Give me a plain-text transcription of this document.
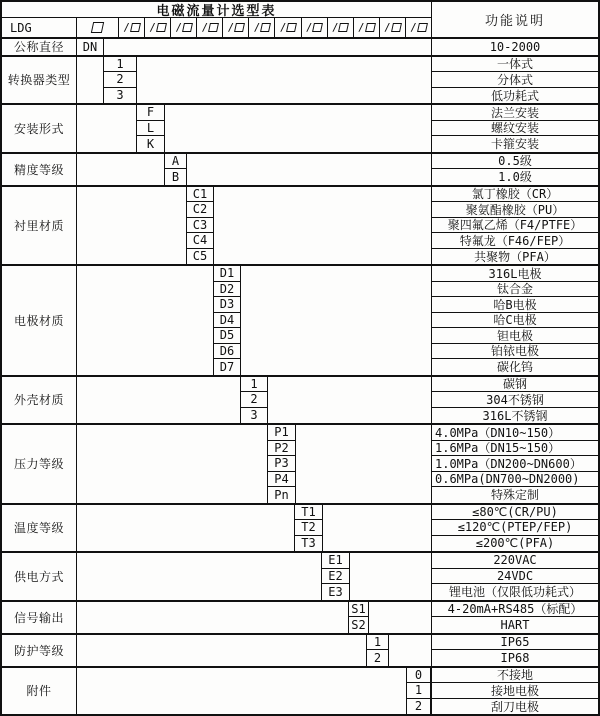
电磁流量计选型表
LDG	/ / / / / / / / / / / /	功能说明
公称直径	DN	10-2000
转换器类型
1	一体式
2	分体式
3	低功耗式
安装形式
F	法兰安装
L	螺纹安装
K	卡箍安装
精度等级
A	0.5级
B	1.0级
衬里材质
C1	氯丁橡胶（CR）
C2	聚氨酯橡胶（PU）
C3	聚四氟乙烯（F4/PTFE）
C4	特氟龙（F46/FEP）
C5	共聚物（PFA）
电极材质
D1	316L电极
D2	钛合金
D3	哈B电极
D4	哈C电极
D5	钽电极
D6	铂铱电极
D7	碳化钨
外壳材质
1	碳钢
2	304不锈钢
3	316L不锈钢
压力等级
P1	4.0MPa（DN10~150）
P2	1.6MPa（DN15~150）
P3	1.0MPa（DN200~DN600）
P4	0.6MPa(DN700~DN2000)
Pn	特殊定制
温度等级
T1	≤80℃(CR/PU)
T2	≤120℃(PTEP/FEP)
T3	≤200℃(PFA)
供电方式
E1	220VAC
E2	24VDC
E3	锂电池（仅限低功耗式）
信号输出
S1	4-20mA+RS485（标配）
S2	HART
防护等级
1	IP65
2	IP68
附件
0	不接地
1	接地电极
2	刮刀电极
